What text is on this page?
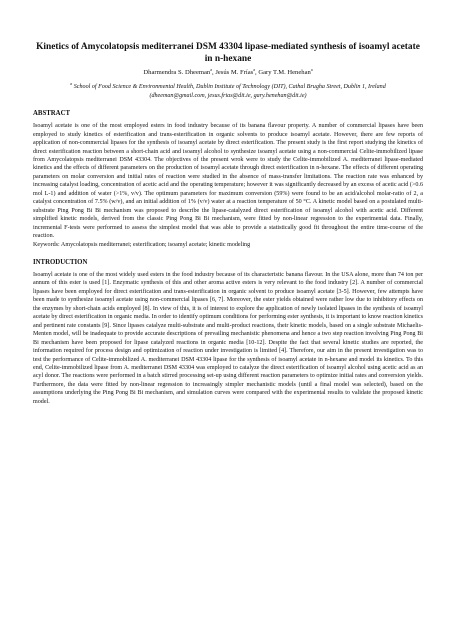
Kinetics of Amycolatopsis mediterranei DSM 43304 lipase-mediated synthesis of isoamyl acetate in n-hexane
Dharmendra S. Dheeman$^a$, Jesús M. Frías$^a$, Gary T.M. Henehan$^a$
$^a$ School of Food Science & Environmental Health, Dublin Institute of Technology (DIT), Cathal Brugha Street, Dublin 1, Ireland (dheeman@gmail.com, jesus.frias@dit.ie, gary.henehan@dit.ie)
ABSTRACT
Isoamyl acetate is one of the most employed esters in food industry because of its banana flavour property. A number of commercial lipases have been employed to study kinetics of esterification and trans-esterification in organic solvents to produce isoamyl acetate. However, there are few reports of application of non-commercial lipases for the synthesis of isoamyl acetate by direct esterification. The present study is the first report studying the kinetics of direct esterification reaction between a short-chain acid and isoamyl alcohol to synthesize isoamyl acetate using a non-commercial Celite-immobilized lipase from Amycolatopsis mediterranei DSM 43304. The objectives of the present wrok were to study the Celite-immobilized A. mediterranei lipase-mediated kinetics and the effects of different parameters on the production of isoamyl acetate through direct esterification in n-hexane. The effects of different operating parameters on molar conversion and initial rates of reaction were studied in the absence of mass-transfer limitations. The reaction rate was enhanced by increasing catalyst loading, concentration of acetic acid and the operating temperature; however it was significantly decreased by an excess of acetic acid (>0.6 mol L-1) and addition of water (>1%, v/v). The optimum parameters for maximum conversion (59%) were found to be an acid/alcohol molar-ratio of 2, a catalyst concentration of 7.5% (w/v), and an initial addition of 1% (v/v) water at a reaction temperature of 50 °C. A kinetic model based on a postulated multi-substrate Ping Pong Bi Bi mechanism was proposed to describe the lipase-catalyzed direct esterification of isoamyl alcohol with acetic acid. Different simplified kinetic models, derived from the classic Ping Pong Bi Bi mechanism, were fitted by non-linear regression to the experimental data. Finally, incremental F-tests were performed to assess the simplest model that was able to provide a statistically good fit throughout the entire time-course of the reaction.
Keywords: Amycolatopsis mediterranei; esterification; isoamyl acetate; kinetic modeling
INTRODUCTION
Isoamyl acetate is one of the most widely used esters in the food industry because of its characteristic banana flavour. In the USA alone, more than 74 ton per annum of this ester is used [1]. Enzymatic synthesis of this and other aroma active esters is very relevant to the food industry [2]. A number of commercial lipases have been employed for direct esterification and trans-esterification in organic solvent to produce isoamyl acetate [3-5]. However, few attempts have been made to synthesize isoamyl acetate using non-commercial lipases [6, 7]. Moreover, the ester yields obtained were rather low due to inhibitory effects on the enzymes by short-chain acids employed [8]. In view of this, it is of interest to explore the application of newly isolated lipases in the synthesis of isoamyl acetate by direct esterification in organic media. In order to identify optimum conditions for performing ester synthesis, it is important to know reaction kinetics and pertinent rate constants [9]. Since lipases catalyze multi-substrate and multi-product reactions, their kinetic models, based on a single substrate Michaelis-Menten model, will be inadequate to provide accurate descriptions of prevailing mechanistic phenomena and hence a two step reaction involving Ping Pong Bi Bi mechanism have been proposed for lipase catalyzed reactions in organic media [10-12]. Despite the fact that several kinetic studies are reported, the information required for process design and optimization of reaction under investigation is limited [4]. Therefore, our aim in the present investigation was to test the performance of Celite-immobilized A. mediterranei DSM 43304 lipase for the synthesis of isoamyl acetate in n-hexane and model its kinetics. To this end, Celite-immobilized lipase from A. mediterranei DSM 43304 was employed to catalyze the direct esterification of isoamyl alcohol using acetic acid as an acyl donor. The reactions were performed in a batch stirred processing set-up using different reaction parameters to optimize initial rates and conversion yields. Furthermore, the data were fitted by non-linear regression to increasingly simpler mechanistic models (until a final model was selected), based on the assumptions underlying the Ping Pong Bi Bi mechanism, and simulation curves were compared with the experimental results to validate the proposed kinetic model.
